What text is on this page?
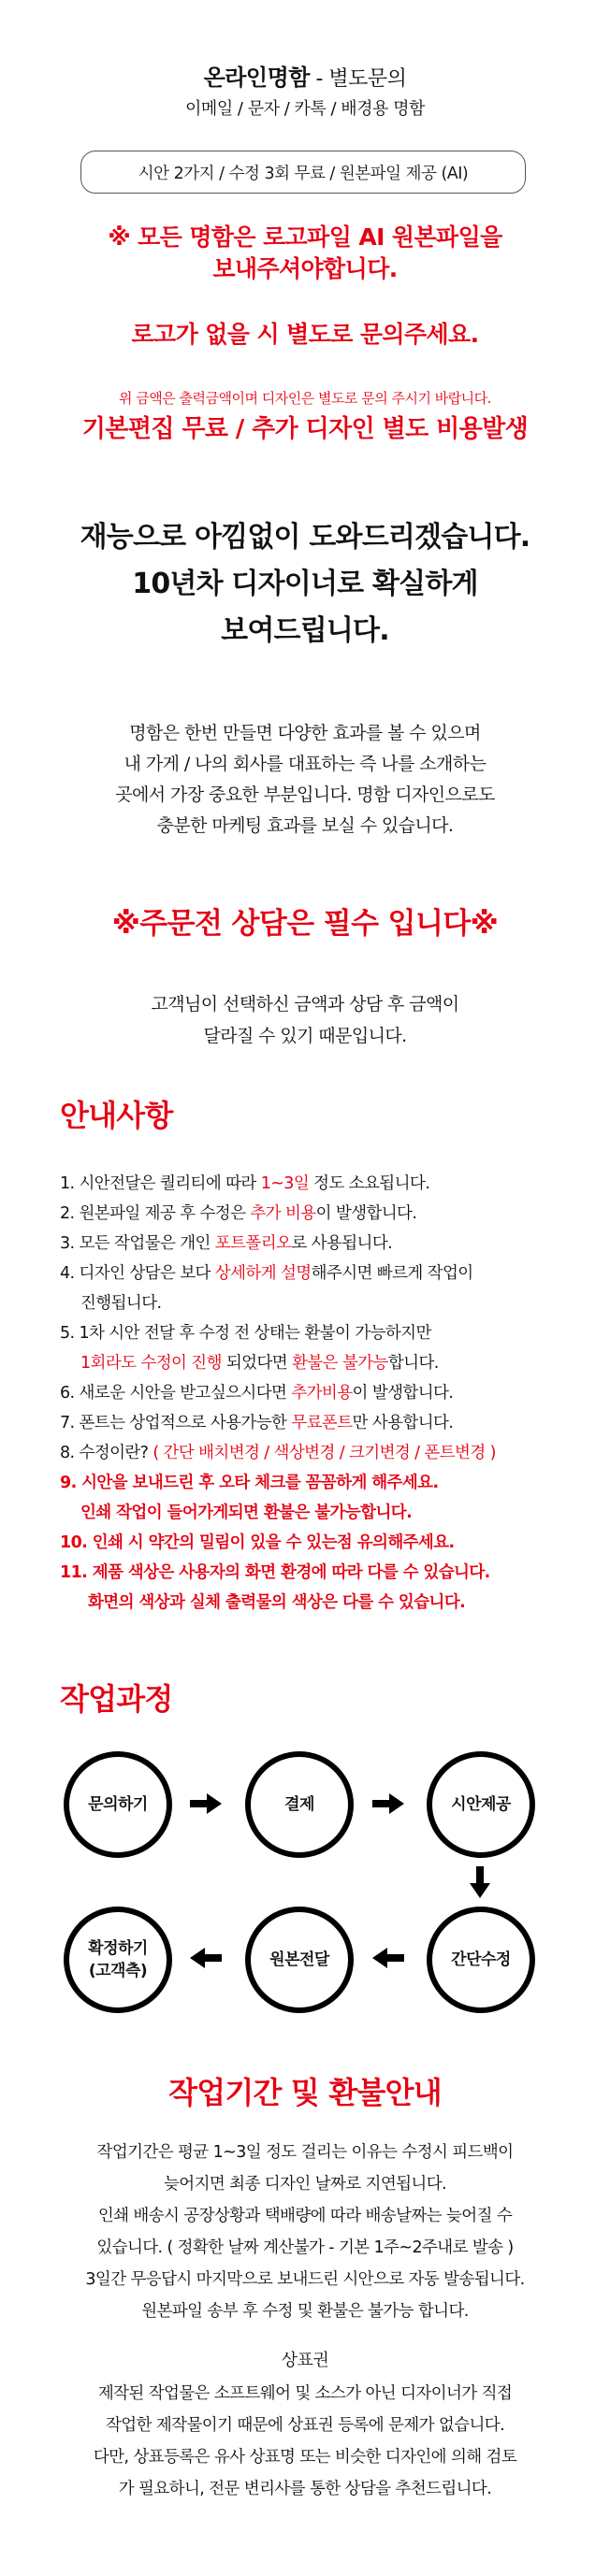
온라인명함 - 별도문의
이메일 / 문자 / 카톡 / 배경용 명함
시안 2가지 / 수정 3회 무료 / 원본파일 제공 (AI)
※ 모든 명함은 로고파일 AI 원본파일을
보내주셔야합니다.
로고가 없을 시 별도로 문의주세요.
위 금액은 출력금액이며 디자인은 별도로 문의 주시기 바랍니다.
기본편집 무료 / 추가 디자인 별도 비용발생
재능으로 아낌없이 도와드리겠습니다.
10년차 디자이너로 확실하게
보여드립니다.
명함은 한번 만들면 다양한 효과를 볼 수 있으며
내 가게 / 나의 회사를 대표하는 즉 나를 소개하는
곳에서 가장 중요한 부분입니다. 명함 디자인으로도
충분한 마케팅 효과를 보실 수 있습니다.
※주문전 상담은 필수 입니다※
고객님이 선택하신 금액과 상담 후 금액이
달라질 수 있기 때문입니다.
안내사항
1. 시안전달은 퀄리티에 따라 1~3일 정도 소요됩니다.
2. 원본파일 제공 후 수정은 추가 비용이 발생합니다.
3. 모든 작업물은 개인 포트폴리오로 사용됩니다.
4. 디자인 상담은 보다 상세하게 설명해주시면 빠르게 작업이
진행됩니다.
5. 1차 시안 전달 후 수정 전 상태는 환불이 가능하지만
1회라도 수정이 진행 되었다면 환불은 불가능합니다.
6. 새로운 시안을 받고싶으시다면 추가비용이 발생합니다.
7. 폰트는 상업적으로 사용가능한 무료폰트만 사용합니다.
8. 수정이란? ( 간단 배치변경 / 색상변경 / 크기변경 / 폰트변경 )
9. 시안을 보내드린 후 오타 체크를 꼼꼼하게 해주세요.
인쇄 작업이 들어가게되면 환불은 불가능합니다.
10. 인쇄 시 약간의 밀림이 있을 수 있는점 유의해주세요.
11. 제품 색상은 사용자의 화면 환경에 따라 다를 수 있습니다.
화면의 색상과 실체 출력물의 색상은 다를 수 있습니다.
작업과정
문의하기	결제	시안제공
간단수정
원본전달
확정하기
(고객측)
작업기간 및 환불안내
작업기간은 평균 1~3일 정도 걸리는 이유는 수정시 피드백이
늦어지면 최종 디자인 날짜로 지연됩니다.
인쇄 배송시 공장상황과 택배량에 따라 배송날짜는 늦어질 수
있습니다. ( 정확한 날짜 계산불가 - 기본 1주~2주내로 발송 )
3일간 무응답시 마지막으로 보내드린 시안으로 자동 발송됩니다.
원본파일 송부 후 수정 및 환불은 불가능 합니다.
상표권
제작된 작업물은 소프트웨어 및 소스가 아닌 디자이너가 직접
작업한 제작물이기 때문에 상표권 등록에 문제가 없습니다.
다만, 상표등록은 유사 상표명 또는 비슷한 디자인에 의해 검토
가 필요하니, 전문 변리사를 통한 상담을 추천드립니다.
